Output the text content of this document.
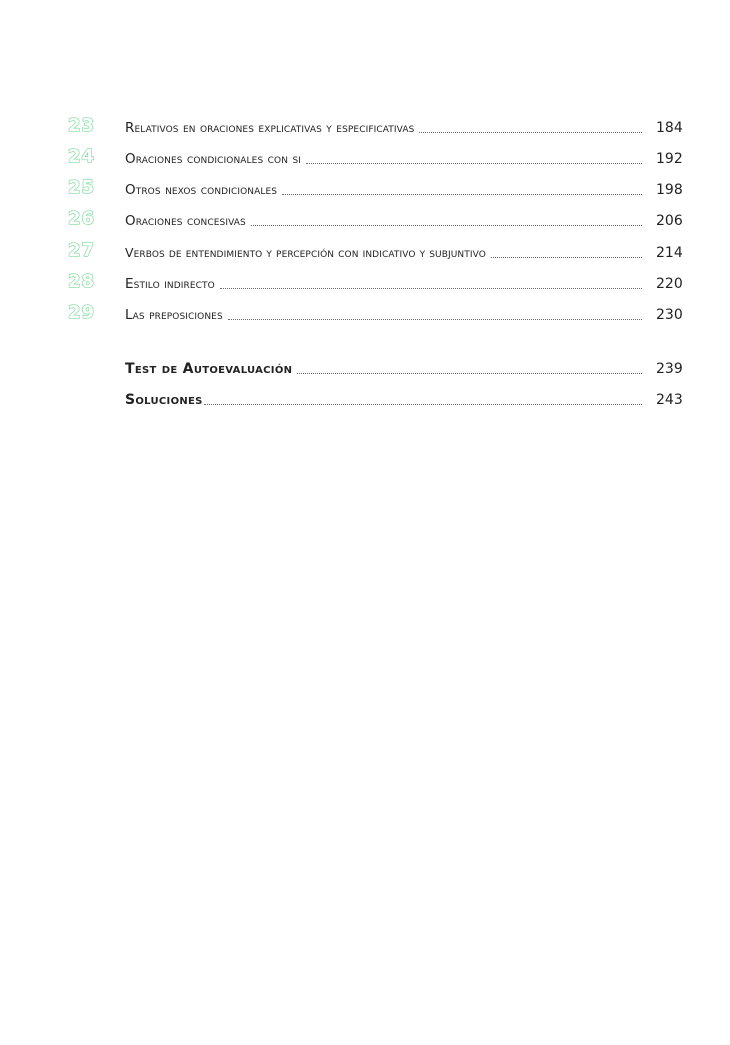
23	Relativos en oraciones explicativas y especificativas	184
24	Oraciones condicionales con si	192
25	Otros nexos condicionales	198
26	Oraciones concesivas	206
27	Verbos de entendimiento y percepción con indicativo y subjuntivo	214
28	Estilo indirecto	220
29	Las preposiciones	230
Test de Autoevaluación	239
Soluciones	243
